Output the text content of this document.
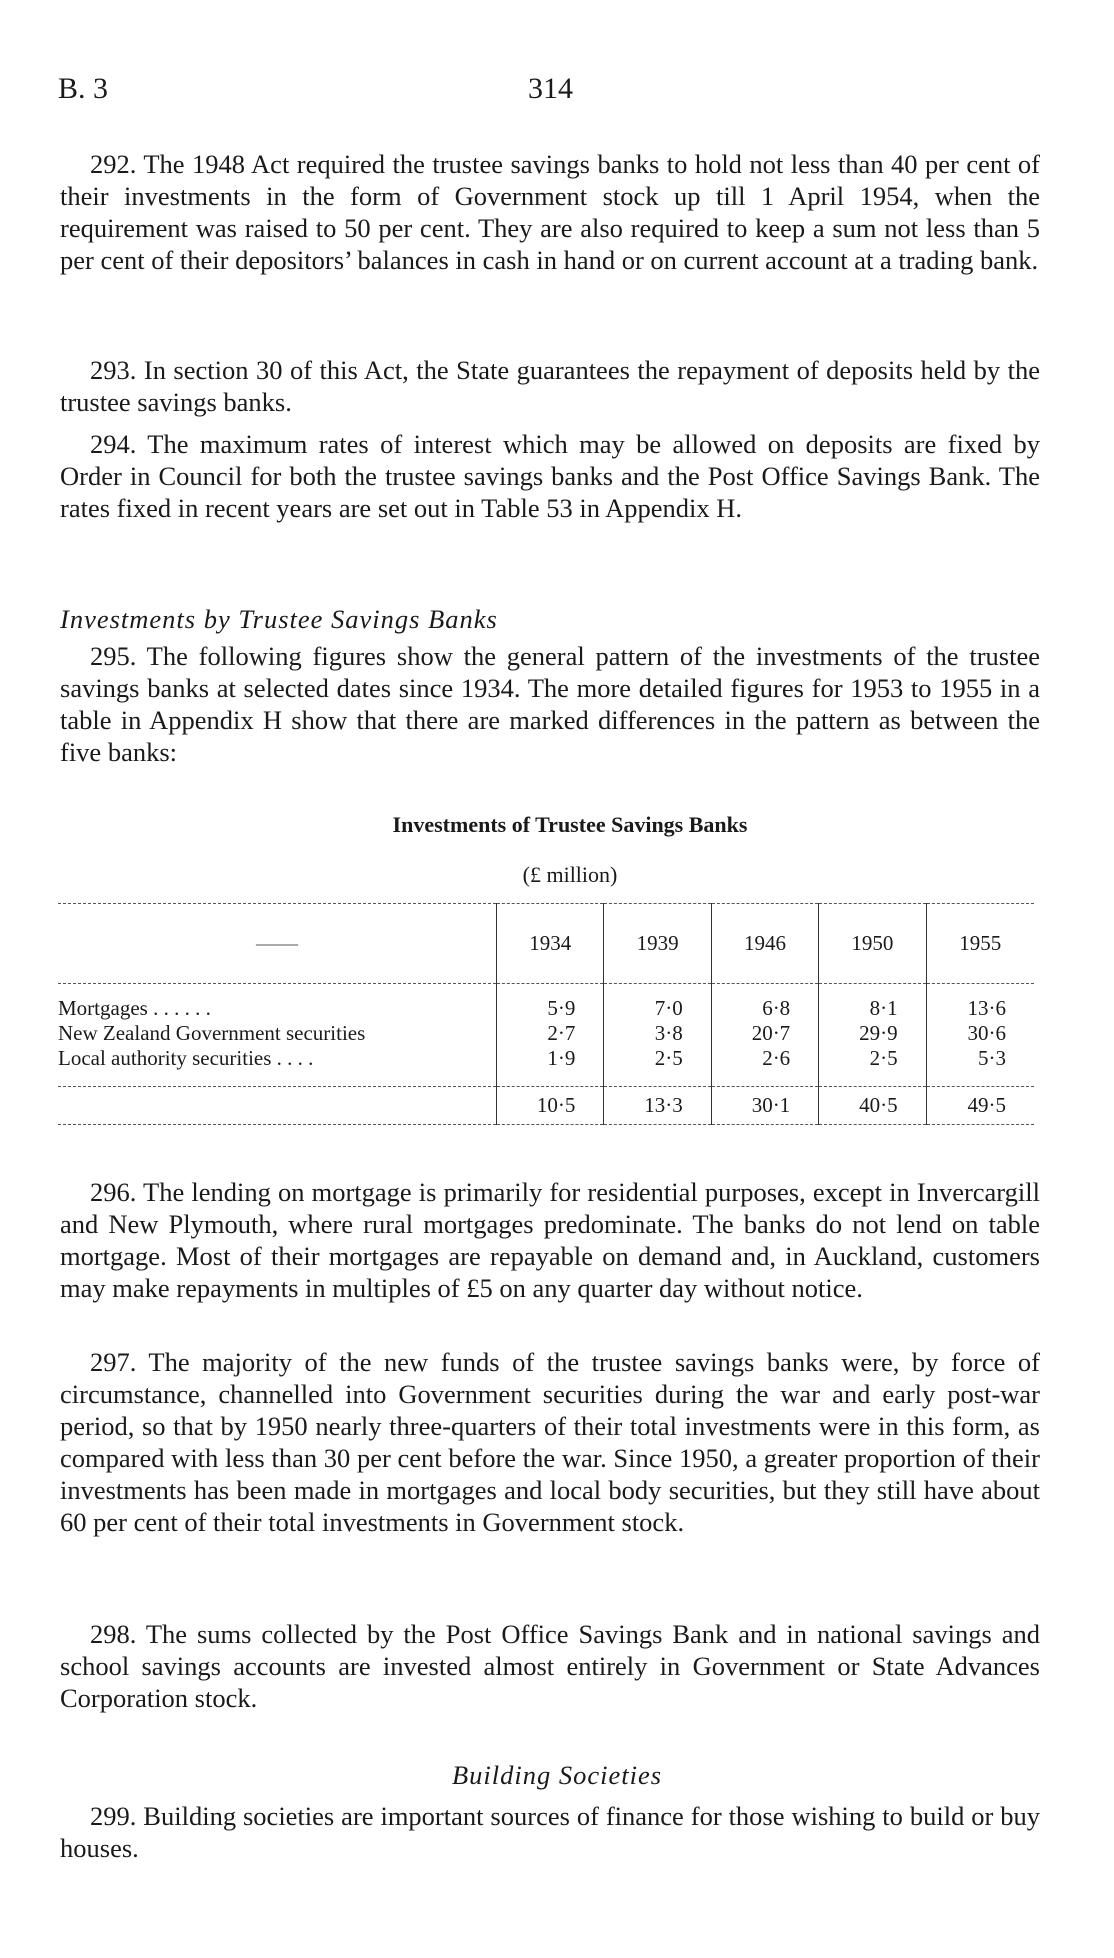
B. 3	314

292. The 1948 Act required the trustee savings banks to hold not less than 40 per cent of their investments in the form of Government stock up till 1 April 1954, when the requirement was raised to 50 per cent. They are also required to keep a sum not less than 5 per cent of their depositors’ balances in cash in hand or on current account at a trading bank.

293. In section 30 of this Act, the State guarantees the repayment of deposits held by the trustee savings banks.

294. The maximum rates of interest which may be allowed on deposits are fixed by Order in Council for both the trustee savings banks and the Post Office Savings Bank. The rates fixed in recent years are set out in Table 53 in Appendix H.

Investments by Trustee Savings Banks

295. The following figures show the general pattern of the investments of the trustee savings banks at selected dates since 1934. The more detailed figures for 1953 to 1955 in a table in Appendix H show that there are marked differences in the pattern as between the five banks:

Investments of Trustee Savings Banks
(£ million)
——	1934	1939	1946	1950	1955

Mortgages . . . . . .	5·9	7·0	6·8	8·1	13·6
New Zealand Government securities	2·7	3·8	20·7	29·9	30·6
Local authority securities . . . .	1·9	2·5	2·6	2·5	5·3

	10·5	13·3	30·1	40·5	49·5

296. The lending on mortgage is primarily for residential purposes, except in Invercargill and New Plymouth, where rural mortgages predominate. The banks do not lend on table mortgage. Most of their mortgages are repayable on demand and, in Auckland, customers may make repayments in multiples of £5 on any quarter day without notice.

297. The majority of the new funds of the trustee savings banks were, by force of circumstance, channelled into Government securities during the war and early post-war period, so that by 1950 nearly three-quarters of their total investments were in this form, as compared with less than 30 per cent before the war. Since 1950, a greater proportion of their investments has been made in mortgages and local body securities, but they still have about 60 per cent of their total investments in Government stock.

298. The sums collected by the Post Office Savings Bank and in national savings and school savings accounts are invested almost entirely in Government or State Advances Corporation stock.

Building Societies

299. Building societies are important sources of finance for those wishing to build or buy houses.
